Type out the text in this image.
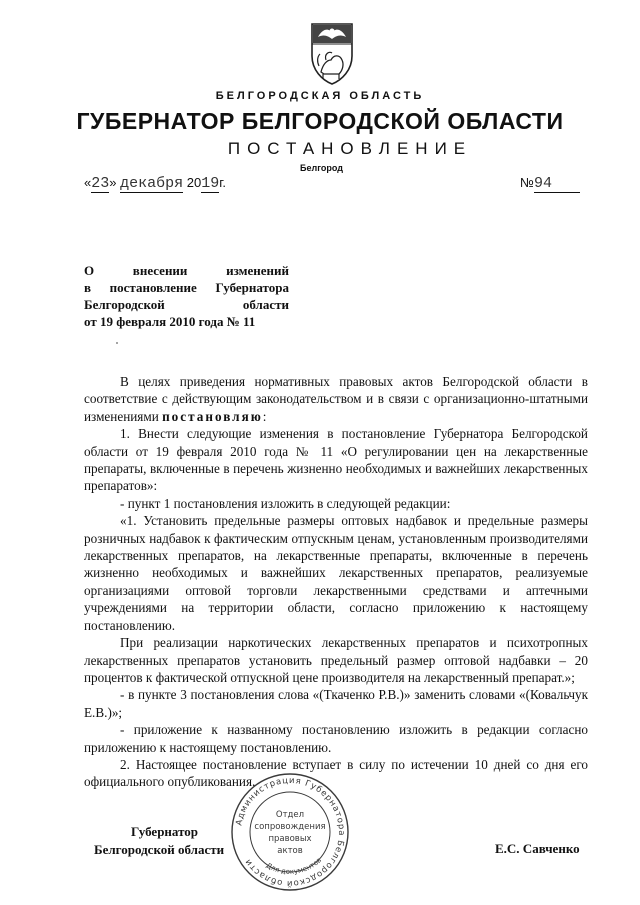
БЕЛГОРОДСКАЯ ОБЛАСТЬ
ГУБЕРНАТОР БЕЛГОРОДСКОЙ ОБЛАСТИ
ПОСТАНОВЛЕНИЕ
Белгород
«23» декабря 2019г.	№94
О внесении изменений
в постановление Губернатора
Белгородской области
от 19 февраля 2010 года № 11

В целях приведения нормативных правовых актов Белгородской области в соответствие с действующим законодательством и в связи с организационно-штатными изменениями постановляю:

1. Внести следующие изменения в постановление Губернатора Белгородской области от 19 февраля 2010 года № 11 «О регулировании цен на лекарственные препараты, включенные в перечень жизненно необходимых и важнейших лекарственных препаратов»:

- пункт 1 постановления изложить в следующей редакции:

«1. Установить предельные размеры оптовых надбавок и предельные размеры розничных надбавок к фактическим отпускным ценам, установленным производителями лекарственных препаратов, на лекарственные препараты, включенные в перечень жизненно необходимых и важнейших лекарственных препаратов, реализуемые организациями оптовой торговли лекарственными средствами и аптечными учреждениями на территории области, согласно приложению к настоящему постановлению.

При реализации наркотических лекарственных препаратов и психотропных лекарственных препаратов установить предельный размер оптовой надбавки – 20 процентов к фактической отпускной цене производителя на лекарственный препарат.»;

- в пункте 3 постановления слова «(Ткаченко Р.В.)» заменить словами «(Ковальчук Е.В.)»;

- приложение к названному постановлению изложить в редакции согласно приложению к настоящему постановлению.

2. Настоящее постановление вступает в силу по истечении 10 дней со дня его официального опубликования.

Губернатор
Белгородской области	Е.С. Савченко
Администрация Губернатора Белгородской области	Для документов
Отдел
сопровождения
правовых
актов
